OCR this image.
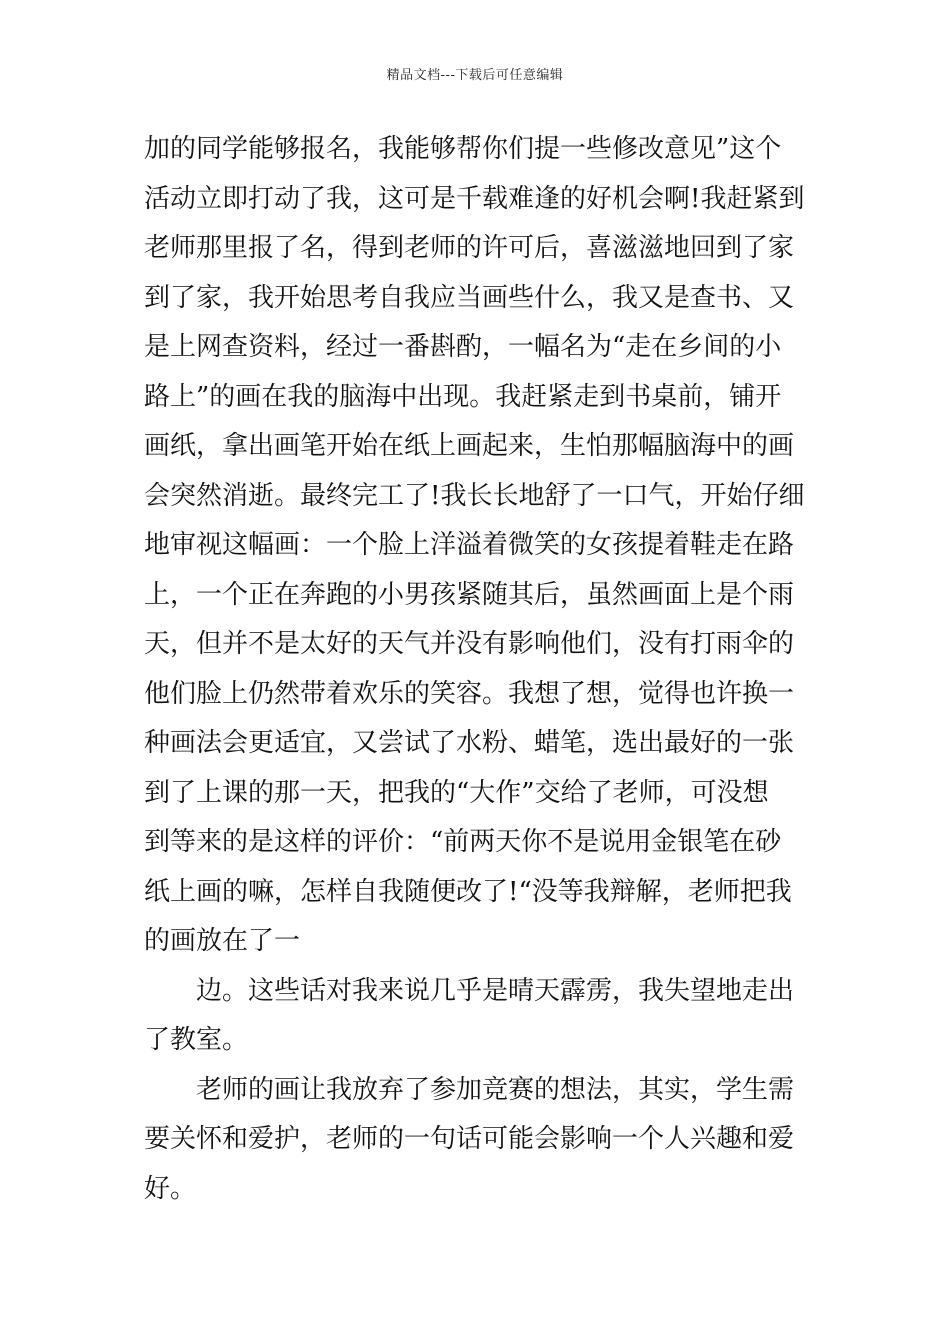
精品文档---下载后可任意编辑
加的同学能够报名，我能够帮你们提一些修改意见”这个
活动立即打动了我，这可是千载难逢的好机会啊!我赶紧到
老师那里报了名，得到老师的许可后，喜滋滋地回到了家
到了家，我开始思考自我应当画些什么，我又是查书、又
是上网查资料，经过一番斟酌，一幅名为“走在乡间的小
路上”的画在我的脑海中出现。我赶紧走到书桌前，铺开
画纸，拿出画笔开始在纸上画起来，生怕那幅脑海中的画
会突然消逝。最终完工了!我长长地舒了一口气，开始仔细
地审视这幅画：一个脸上洋溢着微笑的女孩提着鞋走在路
上，一个正在奔跑的小男孩紧随其后，虽然画面上是个雨
天，但并不是太好的天气并没有影响他们，没有打雨伞的
他们脸上仍然带着欢乐的笑容。我想了想，觉得也许换一
种画法会更适宜，又尝试了水粉、蜡笔，选出最好的一张
到了上课的那一天，把我的“大作”交给了老师，可没想
到等来的是这样的评价：“前两天你不是说用金银笔在砂
纸上画的嘛，怎样自我随便改了!“没等我辩解，老师把我
的画放在了一
边。这些话对我来说几乎是晴天霹雳，我失望地走出
了教室。
老师的画让我放弃了参加竞赛的想法，其实，学生需
要关怀和爱护，老师的一句话可能会影响一个人兴趣和爱
好。
